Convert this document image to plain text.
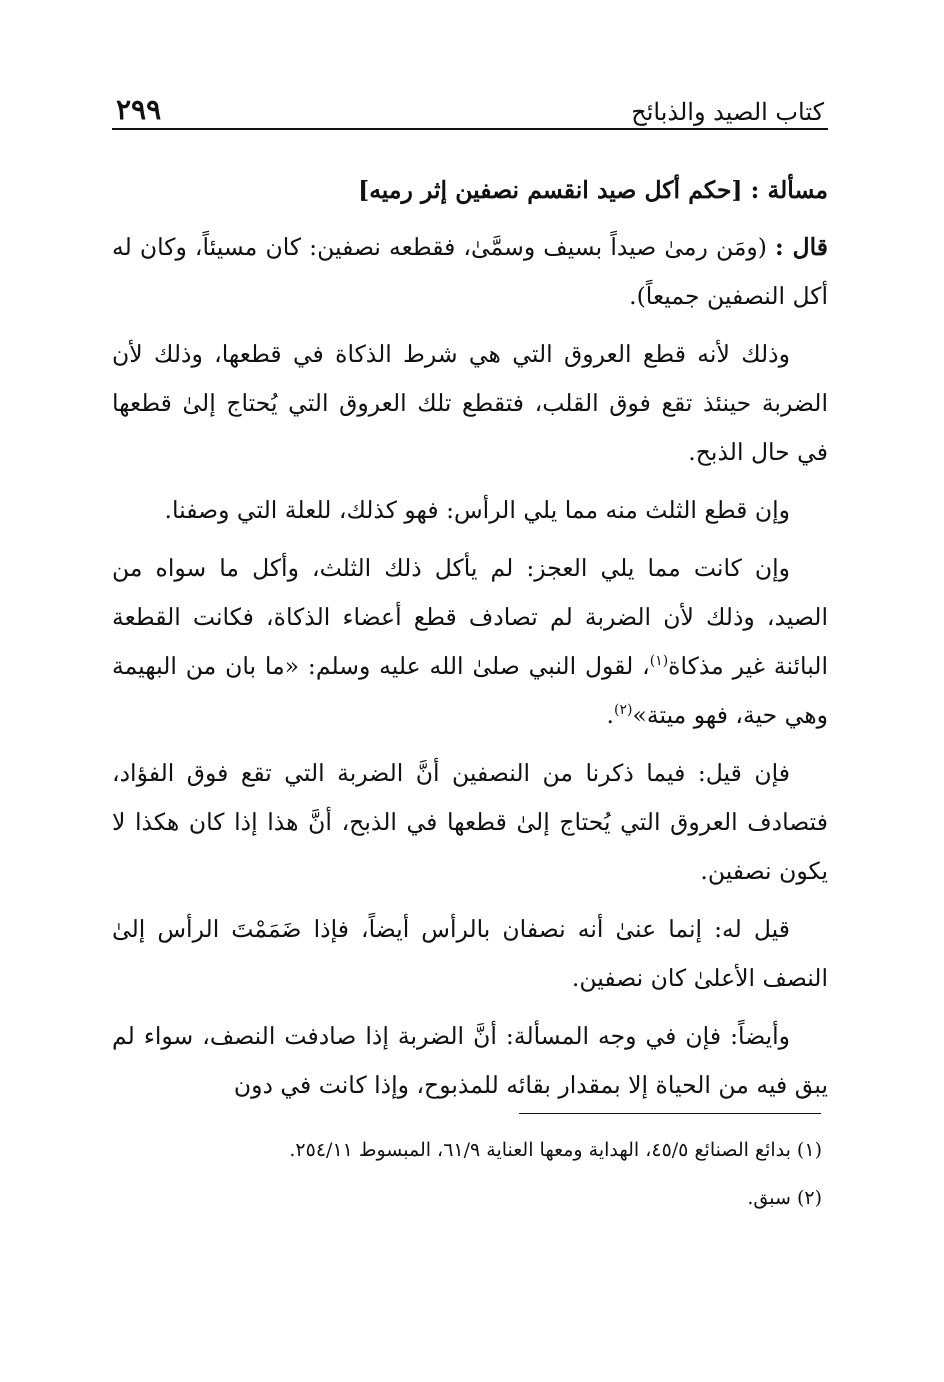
كتاب الصيد والذبائح
٢٩٩

مسألة : [حكم أكل صيد انقسم نصفين إثر رميه]

قال : (ومَن رمىٰ صيداً بسيف وسمَّىٰ، فقطعه نصفين: كان مسيئاً، وكان له أكل النصفين جميعاً).

وذلك لأنه قطع العروق التي هي شرط الذكاة في قطعها، وذلك لأن الضربة حينئذ تقع فوق القلب، فتقطع تلك العروق التي يُحتاج إلىٰ قطعها في حال الذبح.

وإن قطع الثلث منه مما يلي الرأس: فهو كذلك، للعلة التي وصفنا.

وإن كانت مما يلي العجز: لم يأكل ذلك الثلث، وأكل ما سواه من الصيد، وذلك لأن الضربة لم تصادف قطع أعضاء الذكاة، فكانت القطعة البائنة غير مذكاة$^{(١)}$، لقول النبي صلىٰ الله عليه وسلم: «ما بان من البهيمة وهي حية، فهو ميتة»$^{(٢)}$.

فإن قيل: فيما ذكرنا من النصفين أنَّ الضربة التي تقع فوق الفؤاد، فتصادف العروق التي يُحتاج إلىٰ قطعها في الذبح، أنَّ هذا إذا كان هكذا لا يكون نصفين.

قيل له: إنما عنىٰ أنه نصفان بالرأس أيضاً، فإذا ضَمَمْتَ الرأس إلىٰ النصف الأعلىٰ كان نصفين.

وأيضاً: فإن في وجه المسألة: أنَّ الضربة إذا صادفت النصف، سواء لم يبق فيه من الحياة إلا بمقدار بقائه للمذبوح، وإذا كانت في دون

(١) بدائع الصنائع ٤٥/٥، الهداية ومعها العناية ٦١/٩، المبسوط ٢٥٤/١١.

(٢) سبق.
